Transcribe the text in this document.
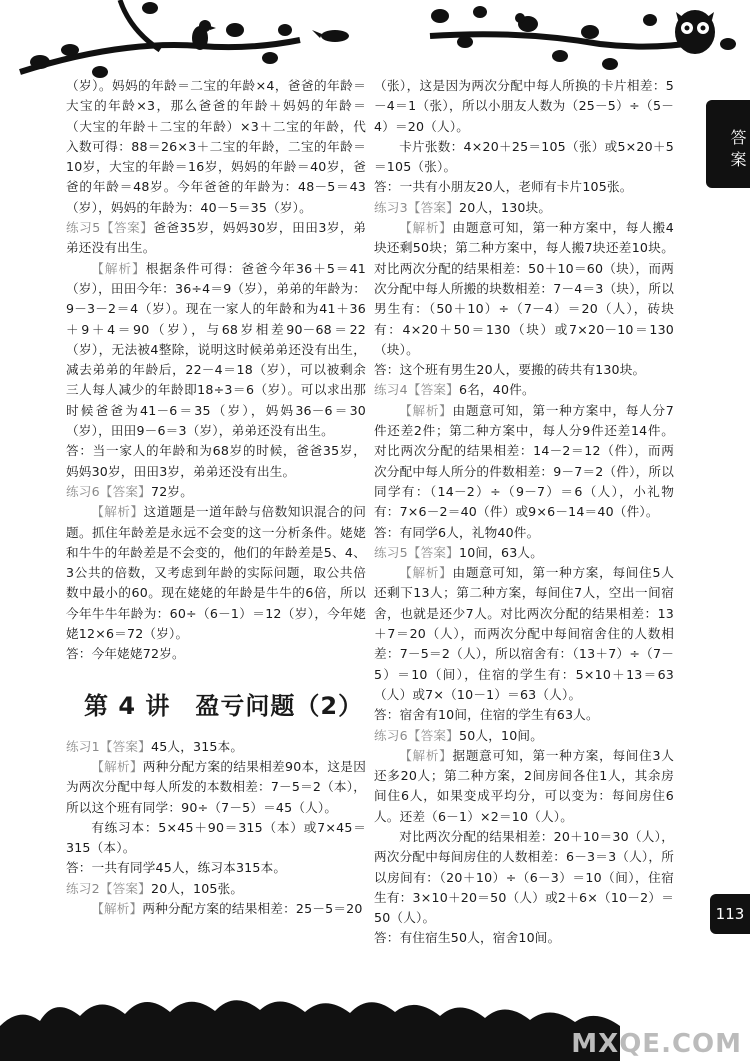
答案
113

（岁）。妈妈的年龄＝二宝的年龄×4，爸爸的年龄＝大宝的年龄×3，那么爸爸的年龄＋妈妈的年龄＝（大宝的年龄＋二宝的年龄）×3＋二宝的年龄，代入数可得：88＝26×3＋二宝的年龄，二宝的年龄＝10岁，大宝的年龄＝16岁，妈妈的年龄＝40岁，爸爸的年龄＝48岁。今年爸爸的年龄为：48－5＝43（岁），妈妈的年龄为：40－5＝35（岁）。

练习5【答案】爸爸35岁，妈妈30岁，田田3岁，弟弟还没有出生。

【解析】根据条件可得：爸爸今年36＋5＝41（岁），田田今年：36÷4＝9（岁），弟弟的年龄为：9－3－2＝4（岁）。现在一家人的年龄和为41＋36＋9＋4＝90（岁），与68岁相差90－68＝22（岁），无法被4整除，说明这时候弟弟还没有出生，减去弟弟的年龄后，22－4＝18（岁），可以被剩余三人每人减少的年龄即18÷3＝6（岁）。可以求出那时候爸爸为41－6＝35（岁），妈妈36－6＝30（岁），田田9－6＝3（岁），弟弟还没有出生。

答：当一家人的年龄和为68岁的时候，爸爸35岁，妈妈30岁，田田3岁，弟弟还没有出生。

练习6【答案】72岁。

【解析】这道题是一道年龄与倍数知识混合的问题。抓住年龄差是永远不会变的这一分析条件。姥姥和牛牛的年龄差是不会变的，他们的年龄差是5、4、3公共的倍数，又考虑到年龄的实际问题，取公共倍数中最小的60。现在姥姥的年龄是牛牛的6倍，所以今年牛牛年龄为：60÷（6－1）＝12（岁），今年姥姥12×6＝72（岁）。

答：今年姥姥72岁。

第 4 讲　盈亏问题（2）

练习1【答案】45人，315本。

【解析】两种分配方案的结果相差90本，这是因为两次分配中每人所发的本数相差：7－5＝2（本），所以这个班有同学：90÷（7－5）＝45（人）。

有练习本：5×45＋90＝315（本）或7×45＝315（本）。

答：一共有同学45人，练习本315本。

练习2【答案】20人，105张。

【解析】两种分配方案的结果相差：25－5＝20

（张），这是因为两次分配中每人所换的卡片相差：5－4＝1（张），所以小朋友人数为（25－5）÷（5－4）＝20（人）。

卡片张数：4×20＋25＝105（张）或5×20＋5＝105（张）。

答：一共有小朋友20人，老师有卡片105张。

练习3【答案】20人，130块。

【解析】由题意可知，第一种方案中，每人搬4块还剩50块；第二种方案中，每人搬7块还差10块。对比两次分配的结果相差：50＋10＝60（块），而两次分配中每人所搬的块数相差：7－4＝3（块），所以男生有：（50＋10）÷（7－4）＝20（人），砖块有：4×20＋50＝130（块）或7×20－10＝130（块）。

答：这个班有男生20人，要搬的砖共有130块。

练习4【答案】6名，40件。

【解析】由题意可知，第一种方案中，每人分7件还差2件；第二种方案中，每人分9件还差14件。对比两次分配的结果相差：14－2＝12（件），而两次分配中每人所分的件数相差：9－7＝2（件），所以同学有：（14－2）÷（9－7）＝6（人），小礼物有：7×6－2＝40（件）或9×6－14＝40（件）。

答：有同学6人，礼物40件。

练习5【答案】10间，63人。

【解析】由题意可知，第一种方案，每间住5人还剩下13人；第二种方案，每间住7人，空出一间宿舍，也就是还少7人。对比两次分配的结果相差：13＋7＝20（人），而两次分配中每间宿舍住的人数相差：7－5＝2（人），所以宿舍有：（13＋7）÷（7－5）＝10（间），住宿的学生有：5×10＋13＝63（人）或7×（10－1）＝63（人）。

答：宿舍有10间，住宿的学生有63人。

练习6【答案】50人，10间。

【解析】据题意可知，第一种方案，每间住3人还多20人；第二种方案，2间房间各住1人，其余房间住6人，如果变成平均分，可以变为：每间房住6人。还差（6－1）×2＝10（人）。

对比两次分配的结果相差：20＋10＝30（人），两次分配中每间房住的人数相差：6－3＝3（人），所以房间有：（20＋10）÷（6－3）＝10（间），住宿生有：3×10＋20＝50（人）或2＋6×（10－2）＝50（人）。

答：有住宿生50人，宿舍10间。

MXQE.COM
